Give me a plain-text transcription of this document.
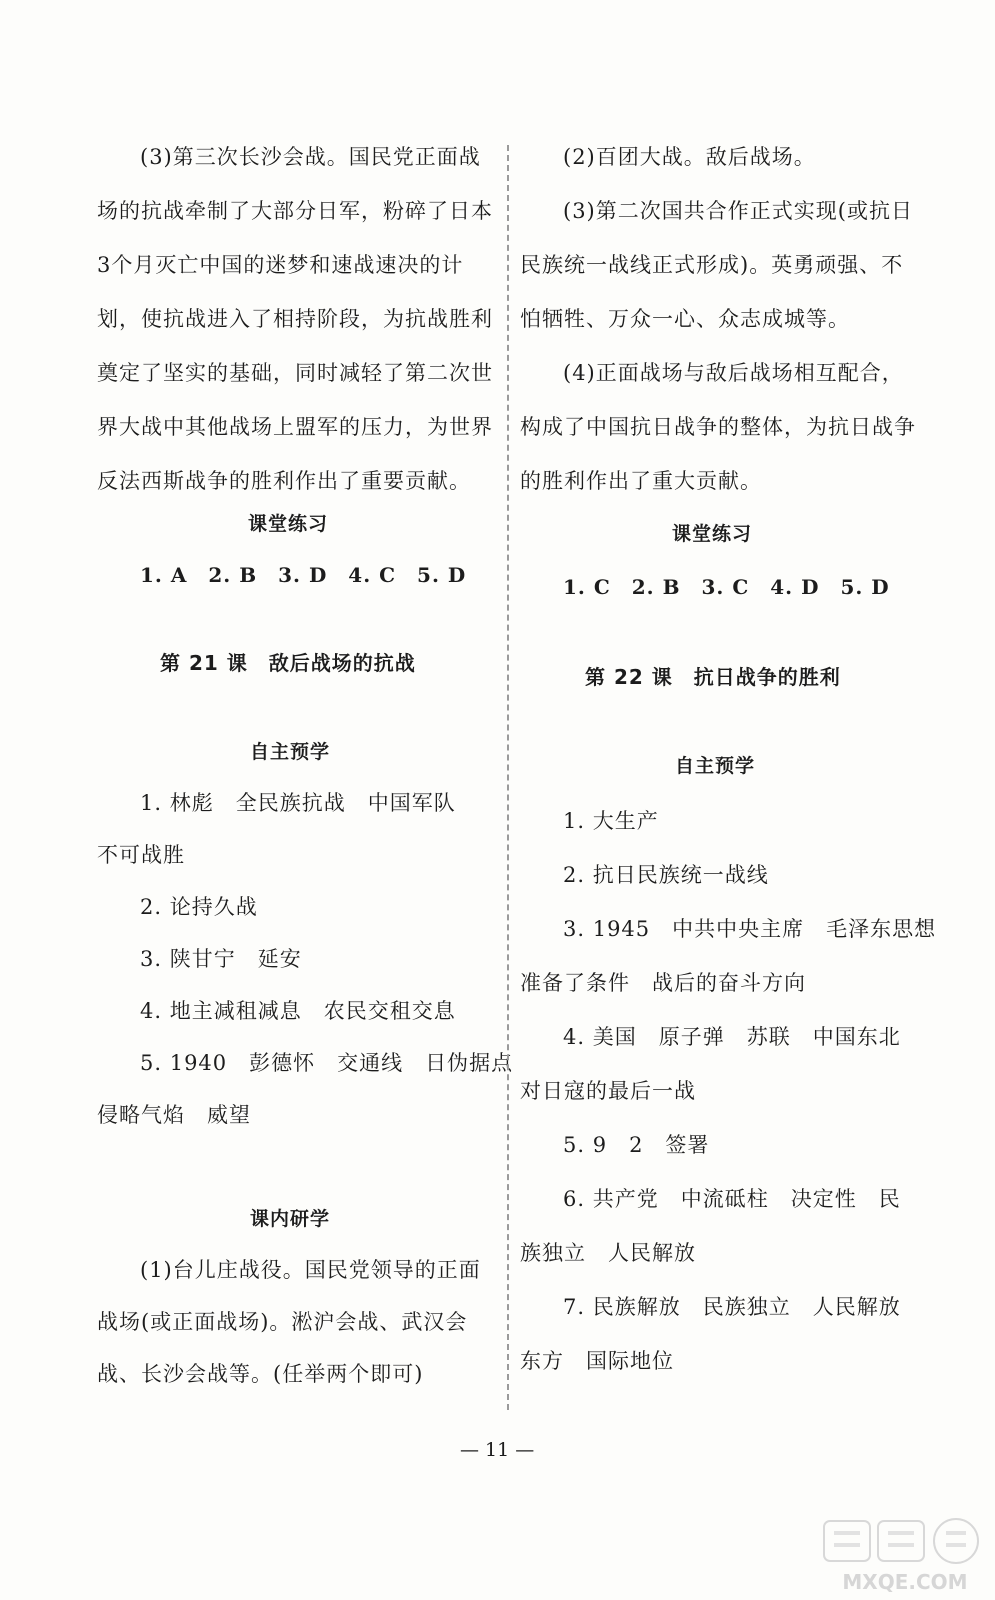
(3)第三次长沙会战。国民党正面战
场的抗战牵制了大部分日军，粉碎了日本
3个月灭亡中国的迷梦和速战速决的计
划，使抗战进入了相持阶段，为抗战胜利
奠定了坚实的基础，同时减轻了第二次世
界大战中其他战场上盟军的压力，为世界
反法西斯战争的胜利作出了重要贡献。
课堂练习
1. A　2. B　3. D　4. C　5. D
第 21 课　敌后战场的抗战
自主预学
1. 林彪　全民族抗战　中国军队
不可战胜
2. 论持久战
3. 陕甘宁　延安
4. 地主减租减息　农民交租交息
5. 1940　彭德怀　交通线　日伪据点
侵略气焰　威望
课内研学
(1)台儿庄战役。国民党领导的正面
战场(或正面战场)。淞沪会战、武汉会
战、长沙会战等。(任举两个即可)
(2)百团大战。敌后战场。
(3)第二次国共合作正式实现(或抗日
民族统一战线正式形成)。英勇顽强、不
怕牺牲、万众一心、众志成城等。
(4)正面战场与敌后战场相互配合，
构成了中国抗日战争的整体，为抗日战争
的胜利作出了重大贡献。
课堂练习
1. C　2. B　3. C　4. D　5. D
第 22 课　抗日战争的胜利
自主预学
1. 大生产
2. 抗日民族统一战线
3. 1945　中共中央主席　毛泽东思想
准备了条件　战后的奋斗方向
4. 美国　原子弹　苏联　中国东北
对日寇的最后一战
5. 9　2　签署
6. 共产党　中流砥柱　决定性　民
族独立　人民解放
7. 民族解放　民族独立　人民解放
东方　国际地位
— 11 —
MXQE.COM
